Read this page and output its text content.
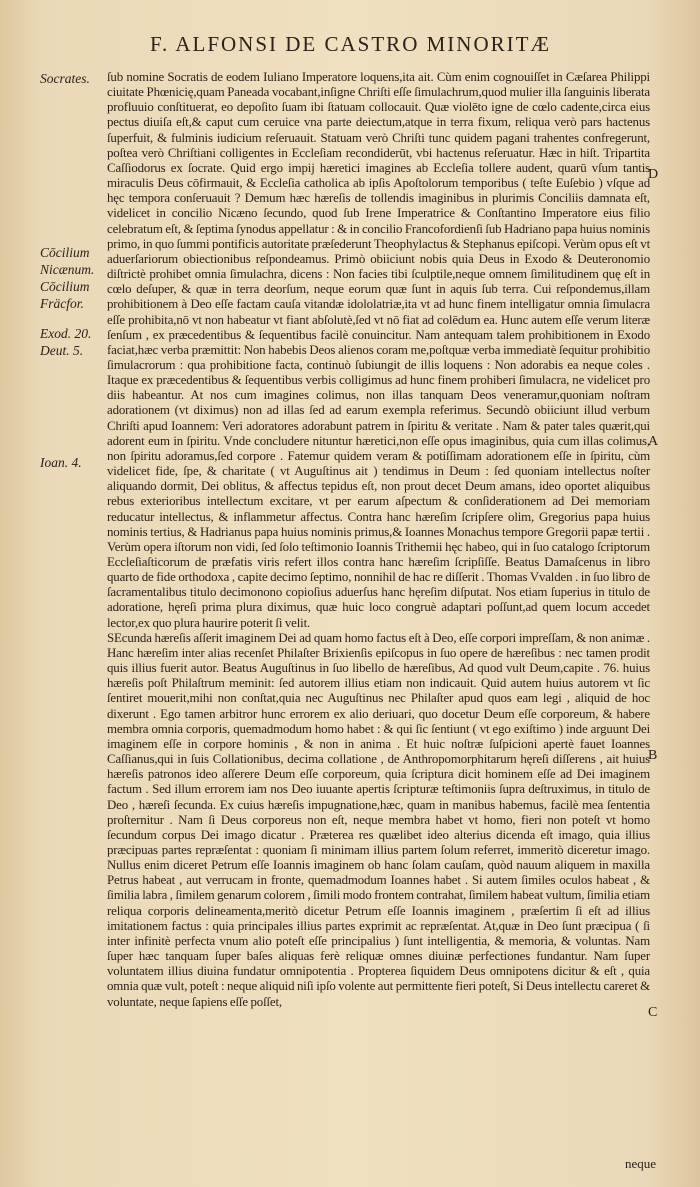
F. ALFONSI DE CASTRO MINORITÆ
Socrates.
Cōcilium
Nicænum.
Cōcilium
Fräcfor.
Exod. 20.
Deut. 5.
Ioan. 4.
D
A
B
C

ſub nomine Socratis de eodem Iuliano Imperatore loquens,ita ait. Cùm enim cognouiſſet in Cæſarea Philippi ciuitate Phœnicię,quam Paneada vocabant,inſigne Chriſti eſſe ſimulachrum,quod mulier illa ſanguinis liberata profluuio conſtituerat, eo depoſito ſuam ibi ſtatuam collocauit. Quæ violēto igne de cœlo cadente,circa eius pectus diuiſa eſt,& caput cum ceruice vna parte deiectum,atque in terra fixum, reliqua verò pars hactenus ſuperfuit, & fulminis iudicium reſeruauit. Statuam verò Chriſti tunc quidem pagani trahentes confregerunt, poſtea verò Chriſtiani colligentes in Eccleſiam recondiderūt, vbi hactenus reſeruatur. Hæc in hiſt. Tripartita Caſſiodorus ex ſocrate. Quid ergo impij hæretici imagines ab Eccleſia tollere audent, quarū vſum tantis miraculis Deus cōfirmauit, & Eccleſia catholica ab ipſis Apoſtolorum temporibus ( teſte Euſebio ) vſque ad hęc tempora conſeruauit ? Demum hæc hæreſis de tollendis imaginibus in plurimis Conciliis damnata eſt, videlicet in concilio Nicæno ſecundo, quod ſub Irene Imperatrice & Conſtantino Imperatore eius filio celebratum eſt, & ſeptima ſynodus appellatur : & in concilio Francofordienſi ſub Hadriano papa huius nominis primo, in quo ſummi pontificis autoritate præſederunt Theophylactus & Stephanus epiſcopi. Verùm opus eſt vt aduerſariorum obiectionibus reſpondeamus. Primò obiiciunt nobis quia Deus in Exodo & Deuteronomio diſtrictè prohibet omnia ſimulachra, dicens : Non facies tibi ſculptile,neque omnem ſimilitudinem quę eſt in cœlo deſuper, & quæ in terra deorſum, neque eorum quæ ſunt in aquis ſub terra. Cui reſpondemus,illam prohibitionem à Deo eſſe factam cauſa vitandæ idololatriæ,ita vt ad hunc finem intelligatur omnia ſimulacra eſſe prohibita,nō vt non habeatur vt fiant abſolutè,ſed vt nō fiat ad colēdum ea. Hunc autem eſſe verum literæ ſenſum , ex præcedentibus & ſequentibus facilè conuincitur. Nam antequam talem prohibitionem in Exodo faciat,hæc verba præmittit: Non habebis Deos alienos coram me,poſtquæ verba immediatè ſequitur prohibitio ſimulacrorum : qua prohibitione facta, continuò ſubiungit de illis loquens : Non adorabis ea neque coles . Itaque ex præcedentibus & ſequentibus verbis colligimus ad hunc finem prohiberi ſimulacra, ne videlicet pro diis habeantur. At nos cum imagines colimus, non illas tanquam Deos veneramur,quoniam noſtram adorationem (vt diximus) non ad illas ſed ad earum exempla referimus. Secundò obiiciunt illud verbum Chriſti apud Ioannem: Veri adoratores adorabunt patrem in ſpiritu & veritate . Nam & pater tales quærit,qui adorent eum in ſpiritu. Vnde concludere nituntur hæretici,non eſſe opus imaginibus, quia cum illas colimus, non ſpiritu adoramus,ſed corpore . Fatemur quidem veram & potiſſimam adorationem eſſe in ſpiritu, cùm videlicet fide, ſpe, & charitate ( vt Auguſtinus ait ) tendimus in Deum : ſed quoniam intellectus noſter aliquando dormit, Dei oblitus, & affectus tepidus eſt, non prout decet Deum amans, ideo oportet aliquibus rebus exterioribus intellectum excitare, vt per earum aſpectum & conſiderationem ad Dei memoriam reducatur intellectus, & inflammetur affectus. Contra hanc hæreſim ſcripſere olim, Gregorius papa huius nominis tertius, & Hadrianus papa huius nominis primus,& Ioannes Monachus tempore Gregorii papæ tertii . Verùm opera iſtorum non vidi, ſed ſolo teſtimonio Ioannis Trithemii hęc habeo, qui in ſuo catalogo ſcriptorum Eccleſiaſticorum de præfatis viris refert illos contra hanc hæreſim ſcripſiſſe. Beatus Damaſcenus in libro quarto de fide orthodoxa , capite decimo ſeptimo, nonnihil de hac re diſſerit . Thomas Vvalden . in ſuo libro de ſacramentalibus titulo decimonono copioſius aduerſus hanc hęreſim diſputat. Nos etiam ſuperius in titulo de adoratione, hęreſi prima plura diximus, quæ huic loco congruè adaptari poſſunt,ad quem locum accedet lector,ex quo plura haurire poterit ſi velit.

SEcunda hæreſis aſſerit imaginem Dei ad quam homo factus eſt à Deo, eſſe corpori impreſſam, & non animæ . Hanc hæreſim inter alias recenſet Philaſter Brixienſis epiſcopus in ſuo opere de hæreſibus : nec tamen prodit quis illius fuerit autor. Beatus Auguſtinus in ſuo libello de hæreſibus, Ad quod vult Deum,capite . 76. huius hæreſis poſt Philaſtrum meminit: ſed autorem illius etiam non indicauit. Quid autem huius autorem vt ſic ſentiret mouerit,mihi non conſtat,quia nec Auguſtinus nec Philaſter apud quos eam legi , aliquid de hoc dixerunt . Ego tamen arbitror hunc errorem ex alio deriuari, quo docetur Deum eſſe corporeum, & habere membra omnia corporis, quemadmodum homo habet : & qui ſic ſentiunt ( vt ego exiſtimo ) inde arguunt Dei imaginem eſſe in corpore hominis , & non in anima . Et huic noſtræ ſuſpicioni apertè fauet Ioannes Caſſianus,qui in ſuis Collationibus, decima collatione , de Anthropomorphitarum hęreſi diſſerens , ait huius hæreſis patronos ideo aſſerere Deum eſſe corporeum, quia ſcriptura dicit hominem eſſe ad Dei imaginem factum . Sed illum errorem iam nos Deo iuuante apertis ſcripturæ teſtimoniis ſupra deſtruximus, in titulo de Deo , hæreſi ſecunda. Ex cuius hæreſis impugnatione,hæc, quam in manibus habemus, facilè mea ſententia proſternitur . Nam ſi Deus corporeus non eſt, neque membra habet vt homo, fieri non poteſt vt homo ſecundum corpus Dei imago dicatur . Præterea res quælibet ideo alterius dicenda eſt imago, quia illius præcipuas partes repræſentat : quoniam ſi minimam illius partem ſolum referret, immeritò diceretur imago. Nullus enim diceret Petrum eſſe Ioannis imaginem ob hanc ſolam cauſam, quòd nauum aliquem in maxilla Petrus habeat , aut verrucam in fronte, quemadmodum Ioannes habet . Si autem ſimiles oculos habeat , & ſimilia labra , ſimilem genarum colorem , ſimili modo frontem contrahat, ſimilem habeat vultum, ſimilia etiam reliqua corporis delineamenta,meritò dicetur Petrum eſſe Ioannis imaginem , præſertim ſi eſt ad illius imitationem factus : quia principales illius partes exprimit ac repræſentat. At,quæ in Deo ſunt præcipua ( ſi inter infinitè perfecta vnum alio poteſt eſſe principalius ) ſunt intelligentia, & memoria, & voluntas. Nam ſuper hæc tanquam ſuper baſes aliquas ferè reliquæ omnes diuinæ perfectiones fundantur. Nam ſuper voluntatem illius diuina fundatur omnipotentia . Propterea ſiquidem Deus omnipotens dicitur & eſt , quia omnia quæ vult, poteſt : neque aliquid niſi ipſo volente aut permittente fieri poteſt, Si Deus intellectu careret & voluntate, neque ſapiens eſſe poſſet,

neque
